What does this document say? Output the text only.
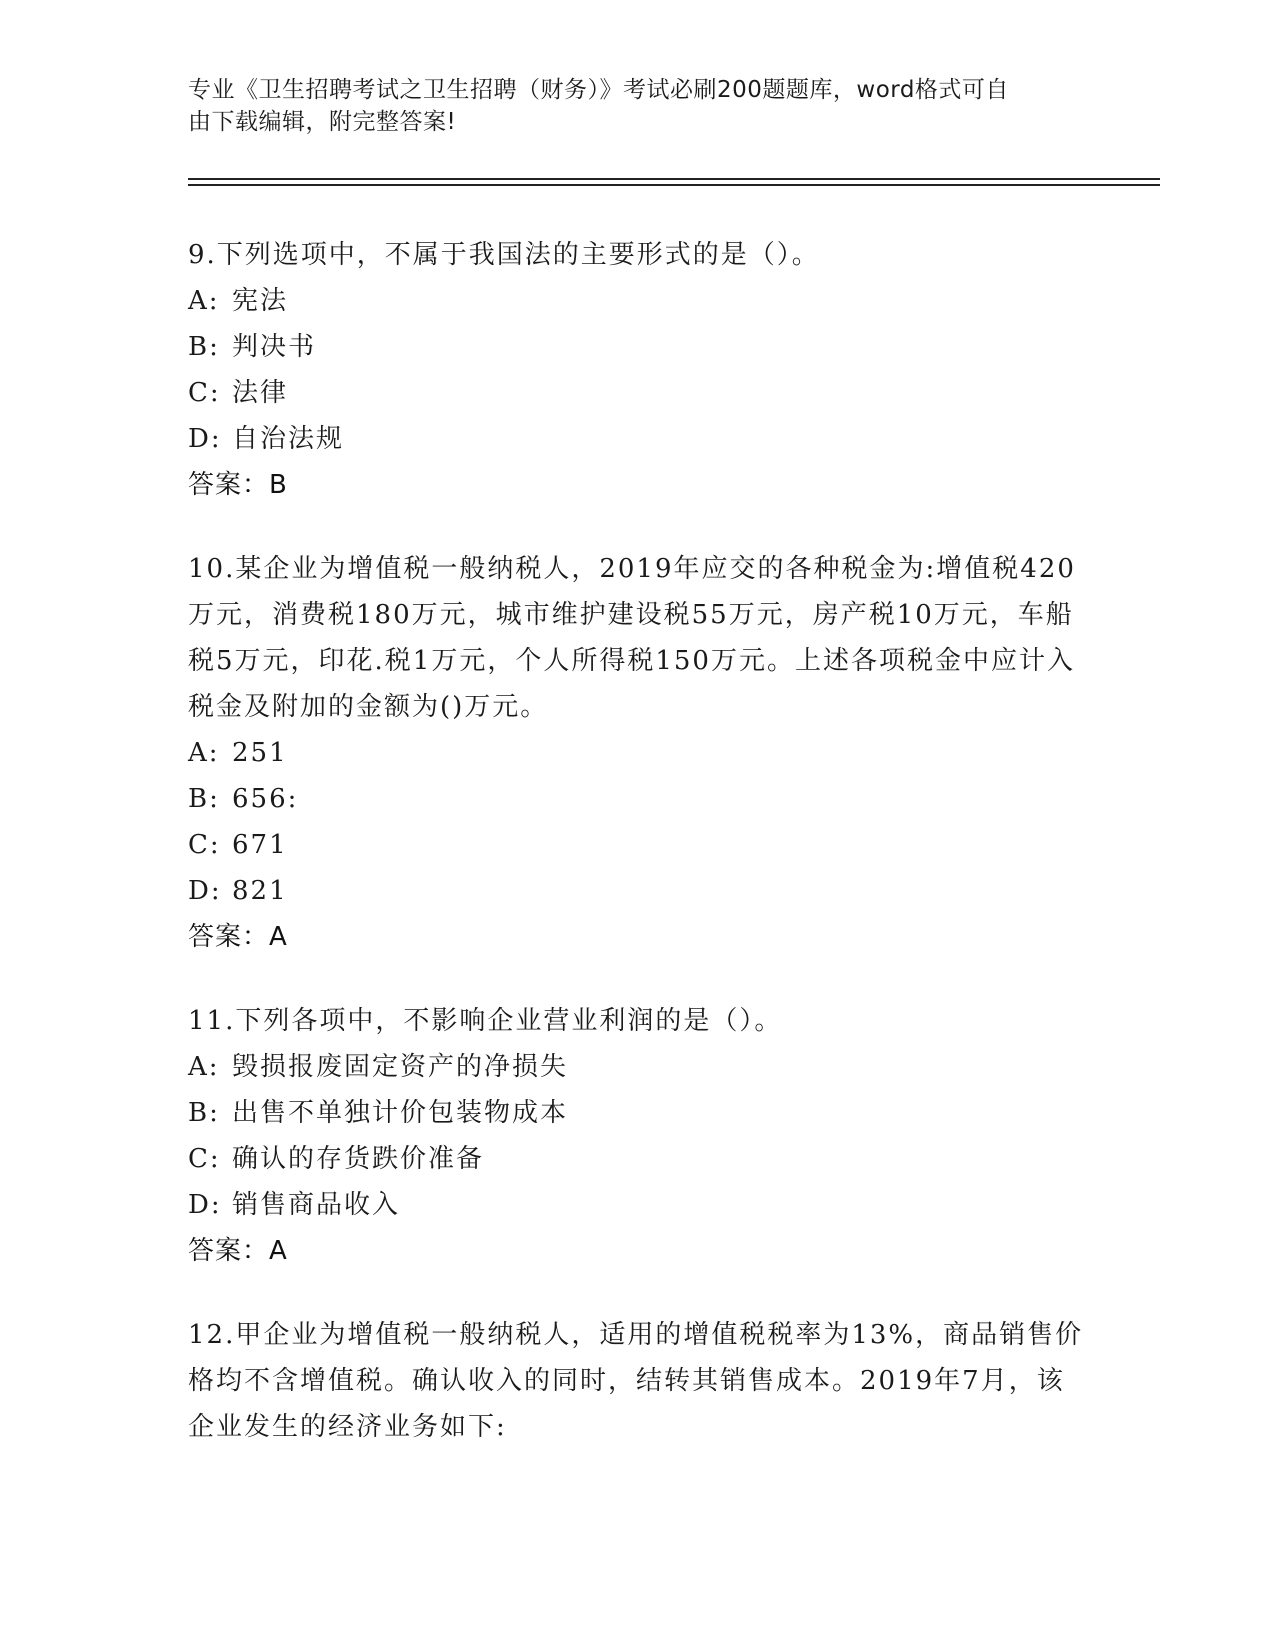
专业《卫生招聘考试之卫生招聘（财务）》考试必刷200题题库，word格式可自
由下载编辑，附完整答案!
9.下列选项中，不属于我国法的主要形式的是（）。
A: 宪法
B: 判决书
C: 法律
D: 自治法规
答案：B
10.某企业为增值税一般纳税人，2019年应交的各种税金为:增值税420万元，消费税180万元，城市维护建设税55万元，房产税10万元，车船税5万元，印花.税1万元，个人所得税150万元。上述各项税金中应计入税金及附加的金额为()万元。
A: 251
B: 656:
C: 671
D: 821
答案：A
11.下列各项中，不影响企业营业利润的是（）。
A: 毁损报废固定资产的净损失
B: 出售不单独计价包装物成本
C: 确认的存货跌价准备
D: 销售商品收入
答案：A
12.甲企业为增值税一般纳税人，适用的增值税税率为13%，商品销售价格均不含增值税。确认收入的同时，结转其销售成本。2019年7月，该企业发生的经济业务如下:
